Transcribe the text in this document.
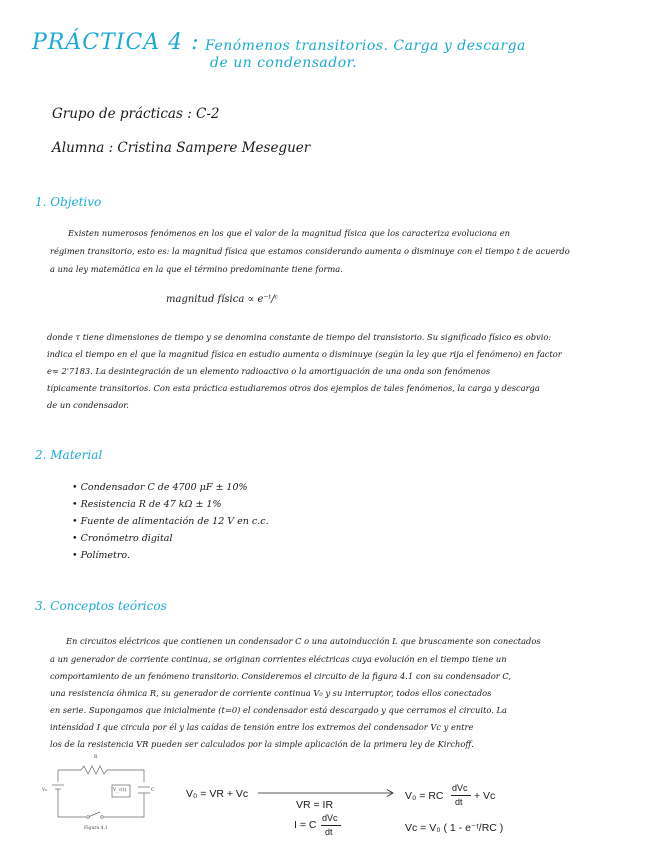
PRÁCTICA 4 : Fenómenos transitorios. Carga y descarga
de un condensador.
Grupo de prácticas : C-2
Alumna : Cristina Sampere Meseguer
1. Objetivo
Existen numerosos fenómenos en los que el valor de la magnitud física que los caracteriza evoluciona en
régimen transitorio, esto es: la magnitud física que estamos considerando aumenta o disminuye con el tiempo t de acuerdo
a una ley matemática en la que el término predominante tiene forma.
magnitud física ∝ e⁻ᵗ/ᶜ
donde τ tiene dimensiones de tiempo y se denomina constante de tiempo del transistorio. Su significado físico es obvio:
indica el tiempo en el que la magnitud física en estudio aumenta o disminuye (según la ley que rija el fenómeno) en factor
e≈ 2'7183. La desintegración de un elemento radioactivo o la amortiguación de una onda son fenómenos
típicamente transitorios. Con esta práctica estudiaremos otros dos ejemplos de tales fenómenos, la carga y descarga
de un condensador.
2. Material
• Condensador C de 4700 μF ± 10%
• Resistencia R de 47 kΩ ± 1%
• Fuente de alimentación de 12 V en c.c.
• Cronómetro digital
• Polímetro.
3. Conceptos teóricos
En circuitos eléctricos que contienen un condensador C o una autoinducción L que bruscamente son conectados
a un generador de corriente continua, se originan corrientes eléctricas cuya evolución en el tiempo tiene un
comportamiento de un fenómeno transitorio. Consideremos el circuito de la figura 4.1 con su condensador C,
una resistencia óhmica R, su generador de corriente continua V₀ y su interruptor, todos ellos conectados
en serie. Supongamos que inicialmente (t=0) el condensador está descargado y que cerramos el circuito. La
intensidad I que circula por él y las caídas de tensión entre los extremos del condensador Vc y entre
los de la resistencia VR pueden ser calculados por la simple aplicación de la primera ley de Kirchoff.
R
V₀	V_c(t)	C
Figura 4.1
V₀ = VR + Vc
VR = IR
I = C
dVc
dt
V₀ = RC
dVc
dt + Vc
Vc = V₀ ( 1 - e⁻ᵗ/RC )
